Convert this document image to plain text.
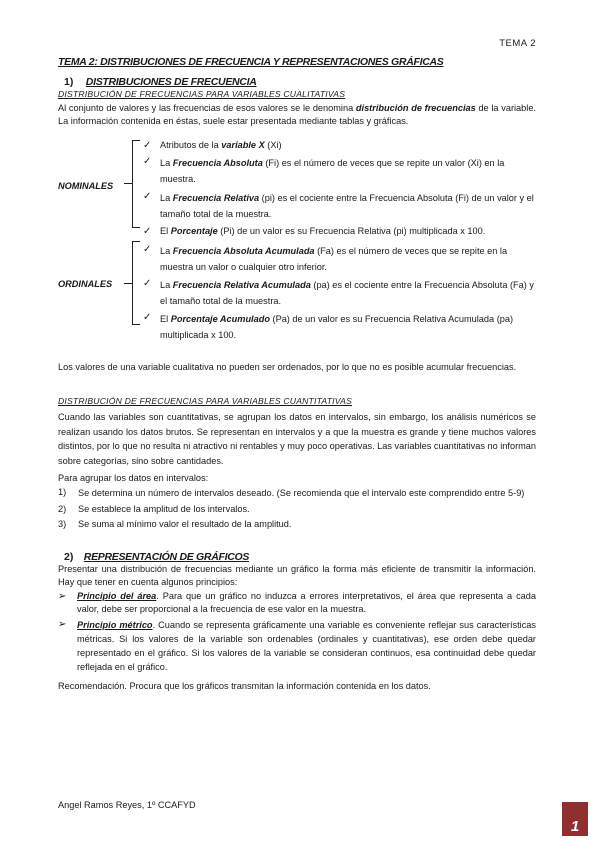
TEMA 2
TEMA 2: DISTRIBUCIONES DE FRECUENCIA Y REPRESENTACIONES GRÁFICAS
1) DISTRIBUCIONES DE FRECUENCIA
DISTRIBUCIÓN DE FRECUENCIAS PARA VARIABLES CUALITATIVAS
Al conjunto de valores y las frecuencias de esos valores se le denomina distribución de frecuencias de la variable. La información contenida en éstas, suele estar presentada mediante tablas y gráficas.
NOMINALES
✓ Atributos de la variable X (Xi)
✓ La Frecuencia Absoluta (Fi) es el número de veces que se repite un valor (Xi) en la muestra.
✓ La Frecuencia Relativa (pi) es el cociente entre la Frecuencia Absoluta (Fi) de un valor y el tamaño total de la muestra.
✓ El Porcentaje (Pi) de un valor es su Frecuencia Relativa (pi) multiplicada x 100.
ORDINALES
✓ La Frecuencia Absoluta Acumulada (Fa) es el número de veces que se repite en la muestra un valor o cualquier otro inferior.
✓ La Frecuencia Relativa Acumulada (pa) es el cociente entre la Frecuencia Absoluta (Fa) y el tamaño total de la muestra.
✓ El Porcentaje Acumulado (Pa) de un valor es su Frecuencia Relativa Acumulada (pa) multiplicada x 100.
Los valores de una variable cualitativa no pueden ser ordenados, por lo que no es posible acumular frecuencias.
DISTRIBUCIÓN DE FRECUENCIAS PARA VARIABLES CUANTITATIVAS
Cuando las variables son cuantitativas, se agrupan los datos en intervalos, sin embargo, los análisis numéricos se realizan usando los datos brutos. Se representan en intervalos y a que la muestra es grande y tiene muchos valores distintos, por lo que no resulta ni atractivo ni rentables y muy poco operativas. Las variables cuantitativas no informan sobre categorías, sino sobre cantidades.
Para agrupar los datos en intervalos:
1)	Se determina un número de intervalos deseado. (Se recomienda que el intervalo este comprendido entre 5-9)
2)	Se establece la amplitud de los intervalos.
3)	Se suma al mínimo valor el resultado de la amplitud.
2) REPRESENTACIÓN DE GRÁFICOS
Presentar una distribución de frecuencias mediante un gráfico la forma más eficiente de transmitir la información. Hay que tener en cuenta algunos principios:
➢	Principio del área. Para que un gráfico no induzca a errores interpretativos, el área que representa a cada valor, debe ser proporcional a la frecuencia de ese valor en la muestra.
➢	Principio métrico. Cuando se representa gráficamente una variable es conveniente reflejar sus características métricas. Si los valores de la variable son ordenables (ordinales y cuantitativas), ese orden debe quedar representado en el gráfico. Si los valores de la variable se consideran continuos, esa continuidad debe quedar reflejada en el gráfico.
Recomendación. Procura que los gráficos transmitan la información contenida en los datos.
Angel Ramos Reyes, 1º CCAFYD
1
